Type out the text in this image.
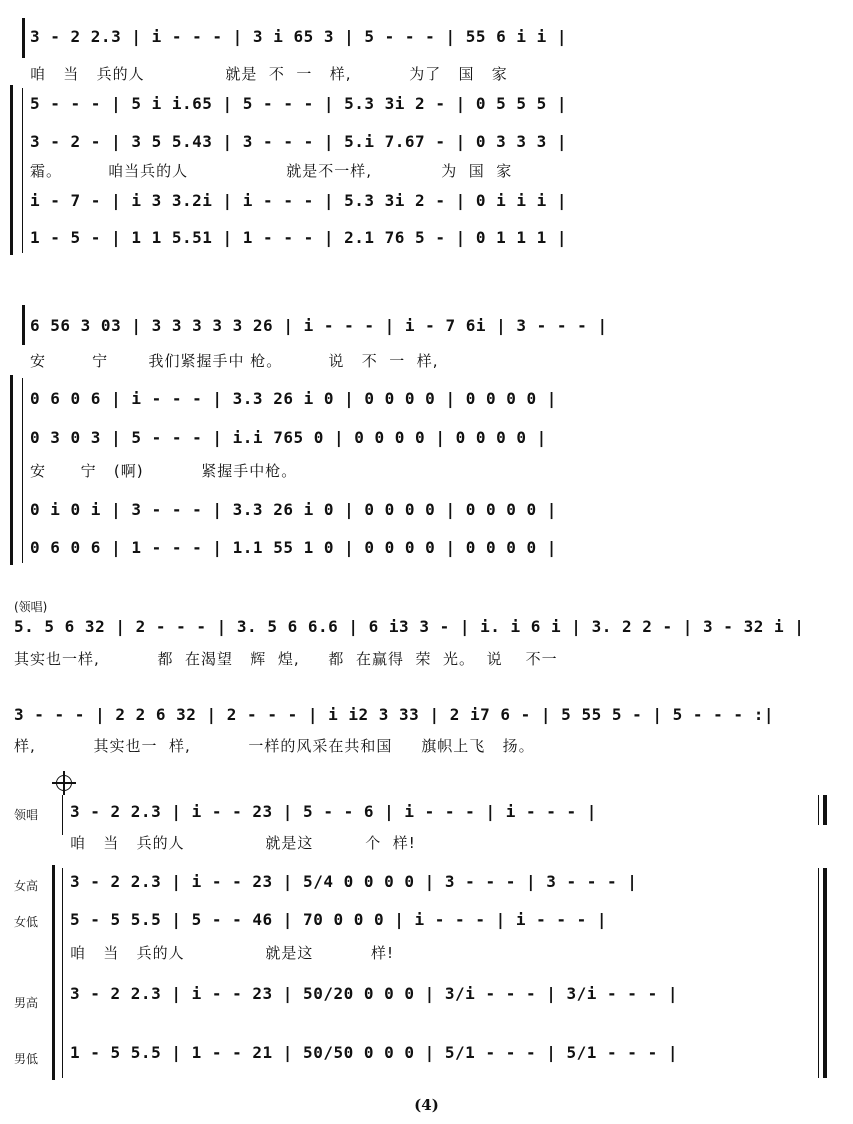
3 - 2 2.3 | i - - - | 3 i 65 3 | 5 - - - | 55 6 i i |
咱   当   兵的人              就是  不  一   样,          为了   国   家
5 - - - | 5 i i.65 | 5 - - - | 5.3 3i 2 - | 0 5 5 5 |
3 - 2 - | 3 5 5.43 | 3 - - - | 5.i 7.67 - | 0 3 3 3 |
霜。        咱当兵的人                 就是不一样,            为  国  家
i - 7 - | i 3 3.2i | i - - - | 5.3 3i 2 - | 0 i i i |
1 - 5 - | 1 1 5.51 | 1 - - - | 2.1 76 5 - | 0 1 1 1 |
6 56 3 03 | 3 3 3 3 3 26 | i - - - | i - 7 6i | 3 - - - |
安        宁       我们紧握手中 枪。        说   不  一  样,
0 6 0 6 | i - - - | 3.3 26 i 0 | 0 0 0 0 | 0 0 0 0 |
0 3 0 3 | 5 - - - | i.i 765 0 | 0 0 0 0 | 0 0 0 0 |
安      宁   (啊)          紧握手中枪。
0 i 0 i | 3 - - - | 3.3 26 i 0 | 0 0 0 0 | 0 0 0 0 |
0 6 0 6 | 1 - - - | 1.1 55 1 0 | 0 0 0 0 | 0 0 0 0 |
(领唱)
5. 5 6 32 | 2 - - - | 3. 5 6 6.6 | 6 i3 3 - | i. i 6 i | 3. 2 2 - | 3 - 32 i |
其实也一样,          都  在渴望   辉  煌,     都  在赢得  荣  光。  说    不一
3 - - - | 2 2 6 32 | 2 - - - | i i2 3 33 | 2 i7 6 - | 5 55 5 - | 5 - - - :|
样,          其实也一  样,          一样的风采在共和国     旗帜上飞   扬。
领唱 3 - 2 2.3 | i - - 23 | 5 - - 6 | i - - - | i - - - |
咱   当   兵的人              就是这         个  样!
女高 3 - 2 2.3 | i - - 23 | 5/4 0 0 0 0 | 3 - - - | 3 - - - |
女低 5 - 5 5.5 | 5 - - 46 | 70 0 0 0 | i - - - | i - - - |
咱   当   兵的人              就是这          样!
男高 3 - 2 2.3 | i - - 23 | 50/20 0 0 0 | 3/i - - - | 3/i - - - |
男低 1 - 5 5.5 | 1 - - 21 | 50/50 0 0 0 | 5/1 - - - | 5/1 - - - |
(4)
